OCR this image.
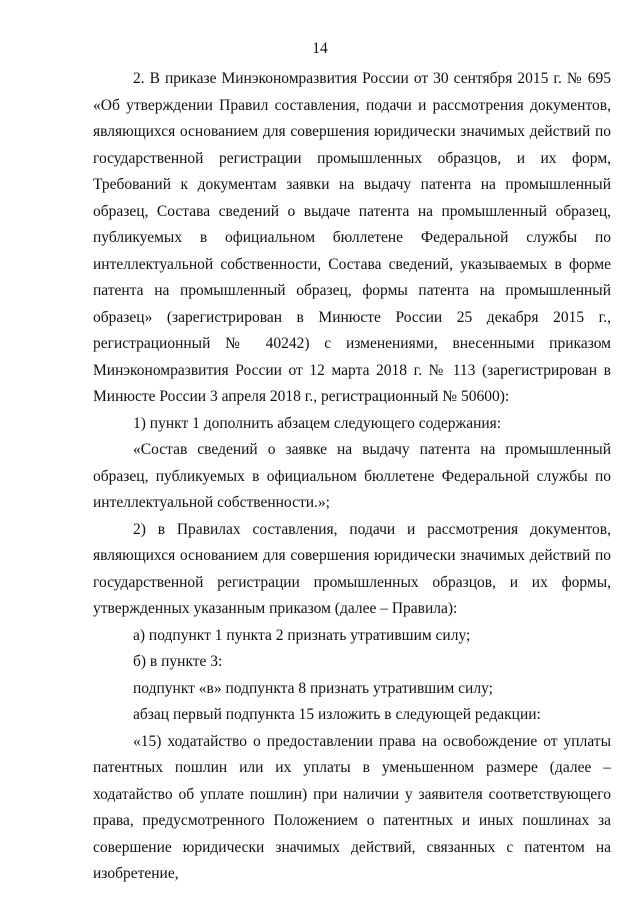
14

2. В приказе Минэкономразвития России от 30 сентября 2015 г. № 695 «Об утверждении Правил составления, подачи и рассмотрения документов, являющихся основанием для совершения юридически значимых действий по государственной регистрации промышленных образцов, и их форм, Требований к документам заявки на выдачу патента на промышленный образец, Состава сведений о выдаче патента на промышленный образец, публикуемых в официальном бюллетене Федеральной службы по интеллектуальной собственности, Состава сведений, указываемых в форме патента на промышленный образец, формы патента на промышленный образец» (зарегистрирован в Минюсте России 25 декабря 2015 г., регистрационный № 40242) с изменениями, внесенными приказом Минэкономразвития России от 12 марта 2018 г. № 113 (зарегистрирован в Минюсте России 3 апреля 2018 г., регистрационный № 50600):

1) пункт 1 дополнить абзацем следующего содержания:

«Состав сведений о заявке на выдачу патента на промышленный образец, публикуемых в официальном бюллетене Федеральной службы по интеллектуальной собственности.»;

2) в Правилах составления, подачи и рассмотрения документов, являющихся основанием для совершения юридически значимых действий по государственной регистрации промышленных образцов, и их формы, утвержденных указанным приказом (далее – Правила):

а) подпункт 1 пункта 2 признать утратившим силу;

б) в пункте 3:

подпункт «в» подпункта 8 признать утратившим силу;

абзац первый подпункта 15 изложить в следующей редакции:

«15) ходатайство о предоставлении права на освобождение от уплаты патентных пошлин или их уплаты в уменьшенном размере (далее – ходатайство об уплате пошлин) при наличии у заявителя соответствующего права, предусмотренного Положением о патентных и иных пошлинах за совершение юридически значимых действий, связанных с патентом на изобретение,
